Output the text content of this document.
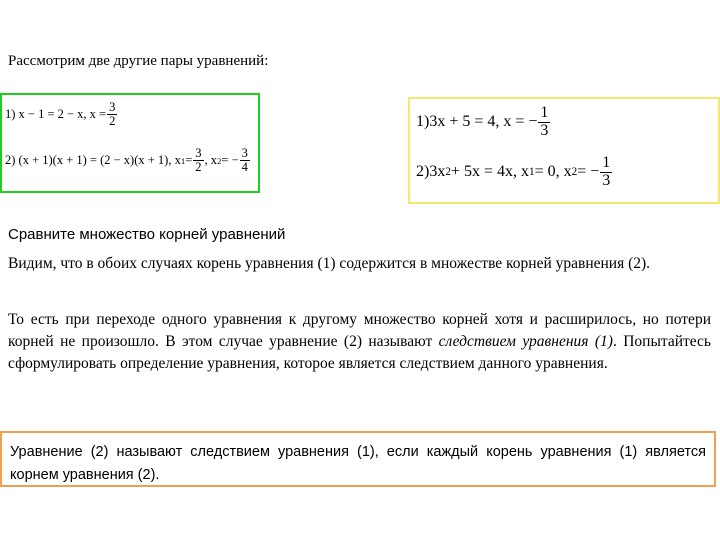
Рассмотрим две другие пары уравнений:
1) x − 1 = 2 − x, $x = \frac{3}{2}$
2) (x + 1)(x + 1) = (2 − x)(x + 1), x $1 = \frac{3}{2}$ , x 2 = − $\frac{3}{4}$
1)3x + 5 = 4, x = − $\frac{1}{3}$
2)3x 2 + 5x = 4x, x 1 = 0, x 2 = − $\frac{1}{3}$
Сравните множество корней уравнений
Видим, что в обоих случаях корень уравнения (1) содержится в множестве корней уравнения (2).
То есть при переходе одного уравнения к другому множество корней хотя и расширилось, но потери корней не произошло. В этом случае уравнение (2) называют следствием уравнения (1). Попытайтесь сформулировать определение уравнения, которое является следствием данного уравнения.
Уравнение (2) называют следствием уравнения (1), если каждый корень уравнения (1) является корнем уравнения (2).
